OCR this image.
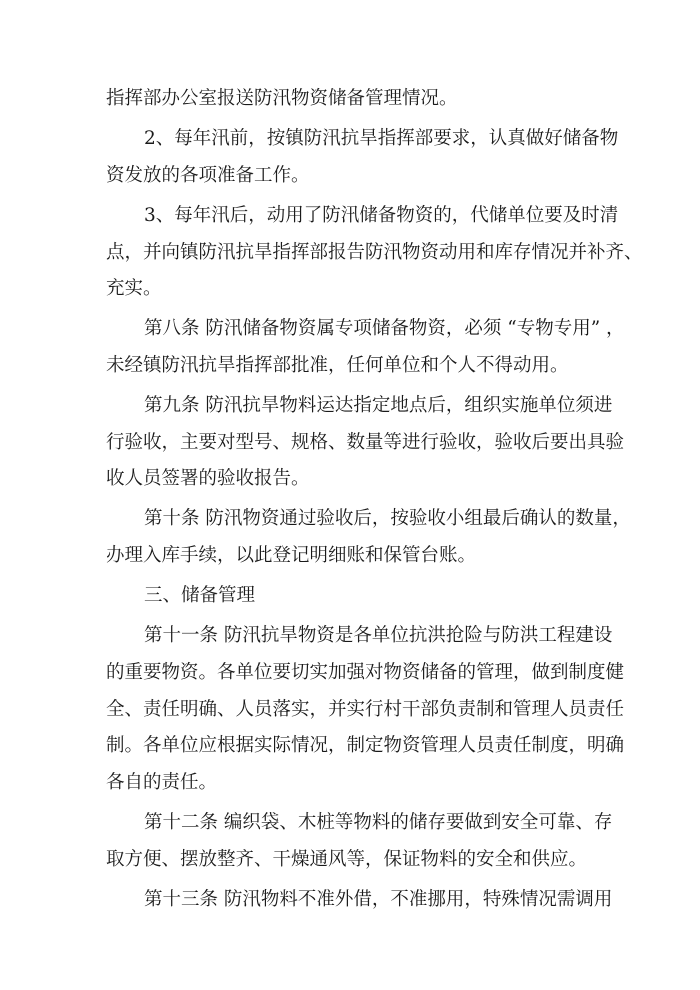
指挥部办公室报送防汛物资储备管理情况。
2、每年汛前，按镇防汛抗旱指挥部要求，认真做好储备物
资发放的各项准备工作。
3、每年汛后，动用了防汛储备物资的，代储单位要及时清
点，并向镇防汛抗旱指挥部报告防汛物资动用和库存情况并补齐、
充实。
第八条 防汛储备物资属专项储备物资，必须 “专物专用” ，
未经镇防汛抗旱指挥部批准，任何单位和个人不得动用。
第九条 防汛抗旱物料运达指定地点后，组织实施单位须进
行验收，主要对型号、规格、数量等进行验收，验收后要出具验
收人员签署的验收报告。
第十条 防汛物资通过验收后，按验收小组最后确认的数量，
办理入库手续，以此登记明细账和保管台账。
三、储备管理
第十一条 防汛抗旱物资是各单位抗洪抢险与防洪工程建设
的重要物资。各单位要切实加强对物资储备的管理，做到制度健
全、责任明确、人员落实，并实行村干部负责制和管理人员责任
制。各单位应根据实际情况，制定物资管理人员责任制度，明确
各自的责任。
第十二条 编织袋、木桩等物料的储存要做到安全可靠、存
取方便、摆放整齐、干燥通风等，保证物料的安全和供应。
第十三条 防汛物料不准外借，不准挪用，特殊情况需调用
